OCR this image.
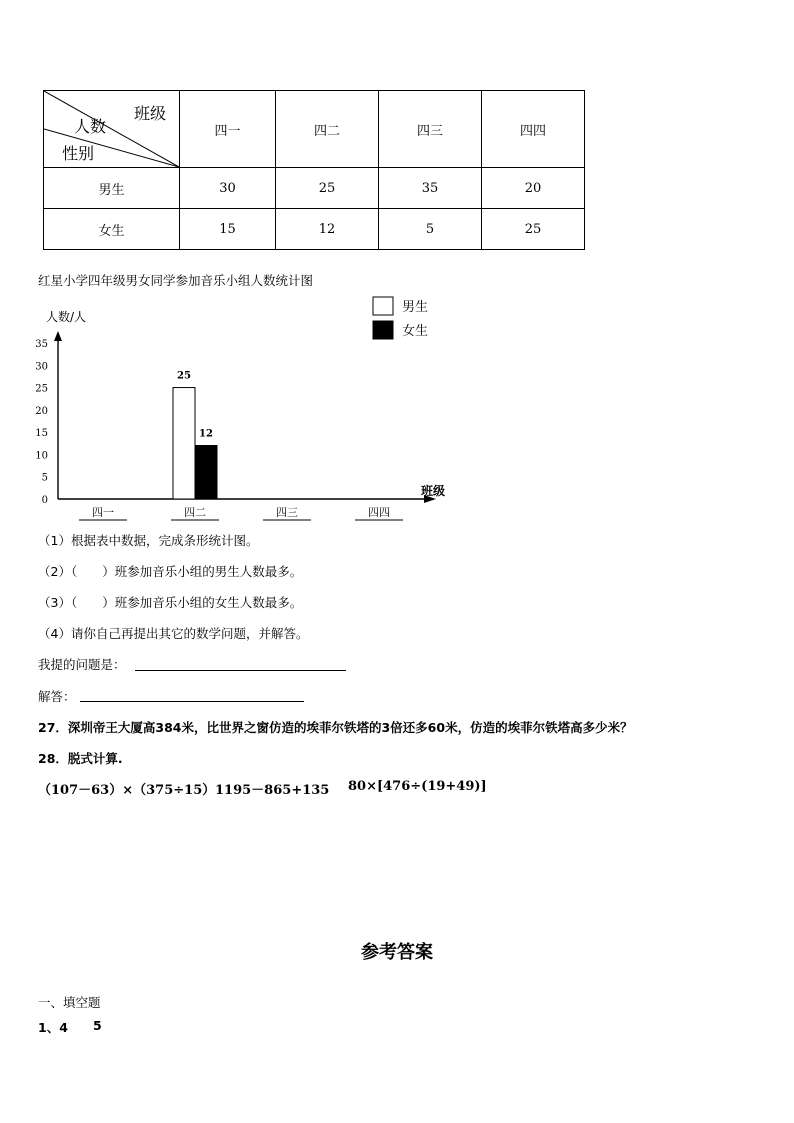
班级
人数
性别	四一	四二	四三	四四
男生	30	25	35	20
女生	15	12	5	25
红星小学四年级男女同学参加音乐小组人数统计图
人数/人
班级
0
5
10
15
20
25
30
35
四一	四二	四三	四四
25
12
男生
女生
（1）根据表中数据，完成条形统计图。
（2）（　　）班参加音乐小组的男生人数最多。
（3）（　　）班参加音乐小组的女生人数最多。
（4）请你自己再提出其它的数学问题，并解答。
我提的问题是：
解答：
27．深圳帝王大厦高384米，比世界之窗仿造的埃菲尔铁塔的3倍还多60米，仿造的埃菲尔铁塔高多少米？
28．脱式计算.
（107－63）×（375÷15） 1195－865+135 80×[476÷(19+49)]
参考答案
一、填空题
1、4 5
